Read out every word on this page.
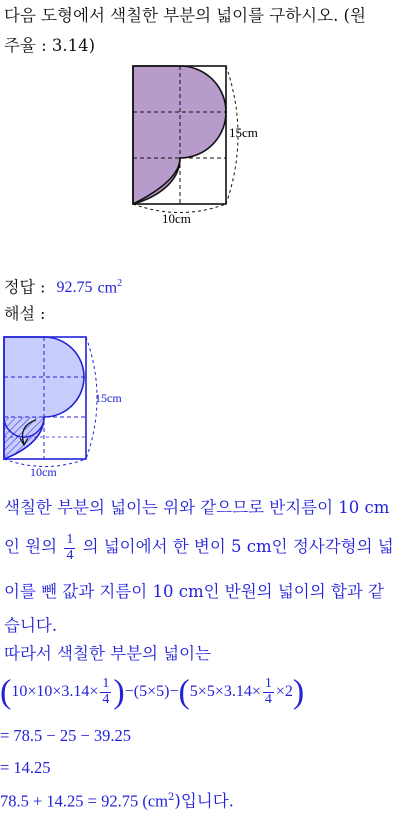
다음 도형에서 색칠한 부분의 넓이를 구하시오. (원
주율 : 3.14)
15cm
10cm
정답 : 92.75 $cm^2$
해설 :
15cm
10cm
색칠한 부분의 넓이는 위와 같으므로 반지름이 10 cm
인 원의 $\frac{1}{4}$ 의 넓이에서 한 변이 5 cm인 정사각형의 넓
이를 뺀 값과 지름이 10 cm인 반원의 넓이의 합과 같
습니다.
따라서 색칠한 부분의 넓이는
$(10\times 10\times 3.14\times \frac{1}{4} )-(5\times 5)-(5\times 5\times 3.14\times \frac{1}{4} \times 2)$
= 78.5 − 25 − 39.25
= 14.25
78.5 + 14.25 = 92.75 $(cm^2)$입니다.
